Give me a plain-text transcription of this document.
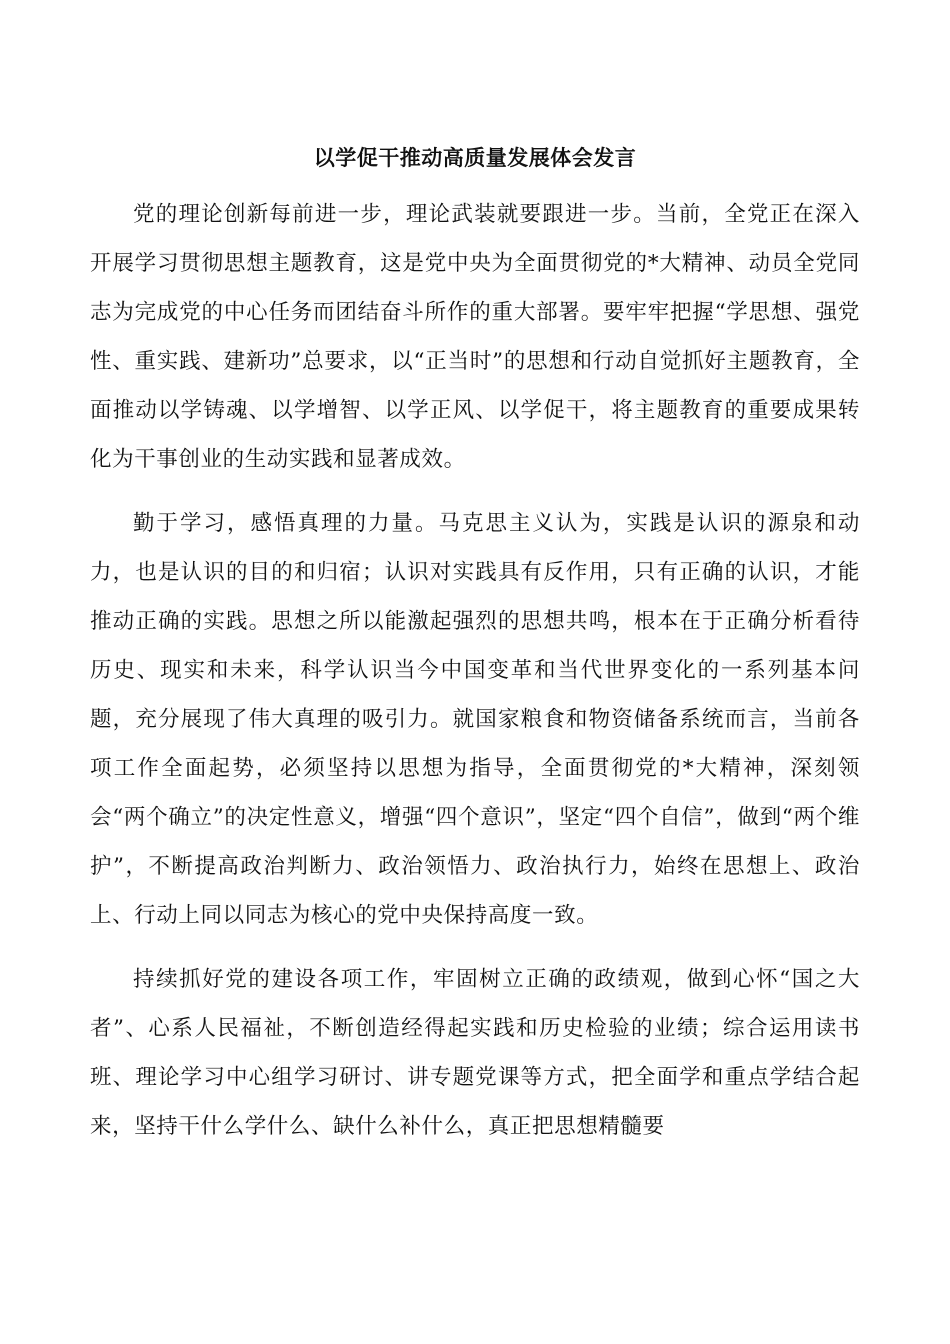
以学促干推动高质量发展体会发言

党的理论创新每前进一步，理论武装就要跟进一步。当前，全党正在深入开展学习贯彻思想主题教育，这是党中央为全面贯彻党的*大精神、动员全党同志为完成党的中心任务而团结奋斗所作的重大部署。要牢牢把握“学思想、强党性、重实践、建新功”总要求，以“正当时”的思想和行动自觉抓好主题教育，全面推动以学铸魂、以学增智、以学正风、以学促干，将主题教育的重要成果转化为干事创业的生动实践和显著成效。

勤于学习，感悟真理的力量。马克思主义认为，实践是认识的源泉和动力，也是认识的目的和归宿；认识对实践具有反作用，只有正确的认识，才能推动正确的实践。思想之所以能激起强烈的思想共鸣，根本在于正确分析看待历史、现实和未来，科学认识当今中国变革和当代世界变化的一系列基本问题，充分展现了伟大真理的吸引力。就国家粮食和物资储备系统而言，当前各项工作全面起势，必须坚持以思想为指导，全面贯彻党的*大精神，深刻领会“两个确立”的决定性意义，增强“四个意识”，坚定“四个自信”，做到“两个维护”，不断提高政治判断力、政治领悟力、政治执行力，始终在思想上、政治上、行动上同以同志为核心的党中央保持高度一致。

持续抓好党的建设各项工作，牢固树立正确的政绩观，做到心怀“国之大者”、心系人民福祉，不断创造经得起实践和历史检验的业绩；综合运用读书班、理论学习中心组学习研讨、讲专题党课等方式，把全面学和重点学结合起来，坚持干什么学什么、缺什么补什么，真正把思想精髓要
